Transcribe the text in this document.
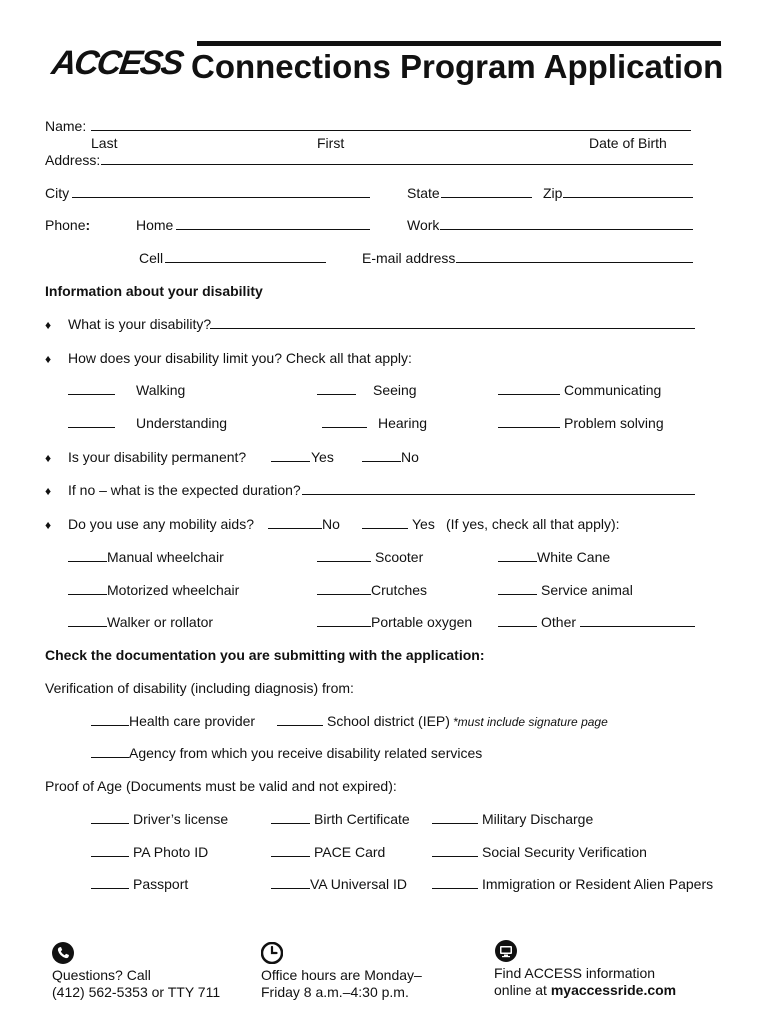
ACCESS Connections Program Application
Name:
Last	First	Date of Birth
Address:
City	State	Zip
Phone:	Home	Work
Cell	E-mail address
Information about your disability
♦ What is your disability?
♦ How does your disability limit you? Check all that apply:
Walking	Seeing	Communicating
Understanding	Hearing	Problem solving
♦ Is your disability permanent?	Yes	No
♦ If no – what is the expected duration?
♦ Do you use any mobility aids?	No	Yes (If yes, check all that apply):
Manual wheelchair	Scooter	White Cane
Motorized wheelchair	Crutches	Service animal
Walker or rollator	Portable oxygen	Other
Check the documentation you are submitting with the application:
Verification of disability (including diagnosis) from:
Health care provider	School district (IEP) *must include signature page
Agency from which you receive disability related services
Proof of Age (Documents must be valid and not expired):
Driver’s license	Birth Certificate	Military Discharge
PA Photo ID	PACE Card	Social Security Verification
Passport	VA Universal ID	Immigration or Resident Alien Papers
Questions? Call
(412) 562-5353 or TTY 711
Office hours are Monday–
Friday 8 a.m.–4:30 p.m.
Find ACCESS information
online at myaccessride.com
